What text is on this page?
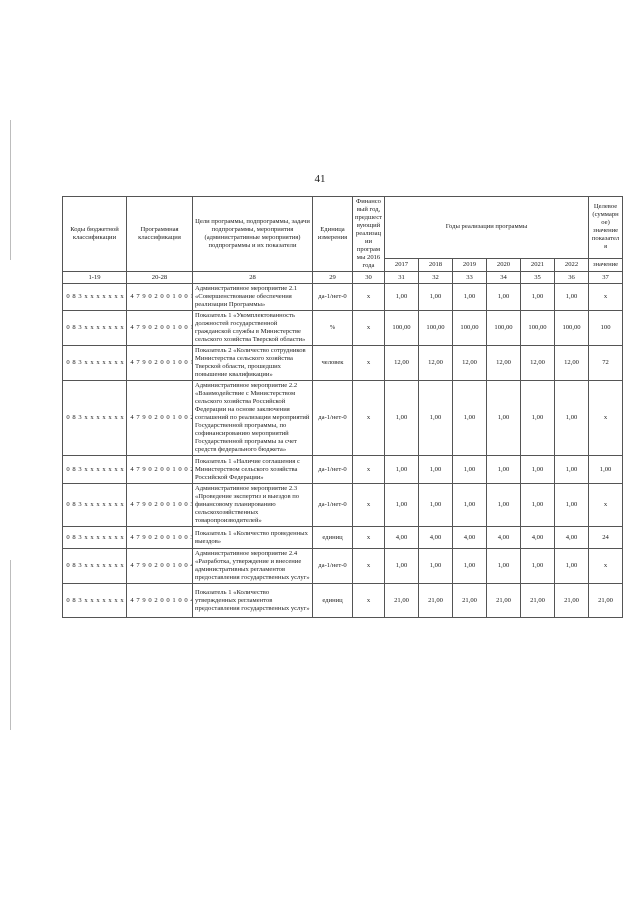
41
Коды бюджетной классификации	Программная классификация	Цели программы, подпрограммы, задачи подпрограммы, мероприятия (административные мероприятия) подпрограммы и их показатели	Единица измерения	Финансовый год, предшествующий реализации программы 2016 года	Годы реализации программы						Целевое (суммарное) значение показателя
					2017	2018	2019	2020	2021	2022	значение
1-19	20-28	28	29	30	31	32	33	34	35	36	37
0 8 3 x x x x x x x	4 7 9 0 2 0 0 1 0 0	Административное мероприятие 2.1 «Совершенствование обеспечения реализации Программы»	да-1/нет-0	x	1,00	1,00	1,00	1,00	1,00	1,00	x
0 8 3 x x x x x x x	4 7 9 0 2 0 0 1 0 0	Показатель 1 «Укомплектованность должностей государственной гражданской службы в Министерстве сельского хозяйства Тверской области»	%	x	100,00	100,00	100,00	100,00	100,00	100,00	100
0 8 3 x x x x x x x	4 7 9 0 2 0 0 1 0 0	Показатель 2 «Количество сотрудников Министерства сельского хозяйства Тверской области, прошедших повышение квалификации»	человек	x	12,00	12,00	12,00	12,00	12,00	12,00	72
0 8 3 x x x x x x x	4 7 9 0 2 0 0 1 0 0	Административное мероприятие 2.2 «Взаимодействие с Министерством сельского хозяйства Российской Федерации на основе заключения соглашений по реализации мероприятий Государственной программы, по софинансированию мероприятий Государственной программы за счет средств федерального бюджета»	да-1/нет-0	x	1,00	1,00	1,00	1,00	1,00	1,00	x
0 8 3 x x x x x x x	4 7 9 0 2 0 0 1 0 0	Показатель 1 «Наличие соглашения с Министерством сельского хозяйства Российской Федерации»	да-1/нет-0	x	1,00	1,00	1,00	1,00	1,00	1,00	1,00
0 8 3 x x x x x x x	4 7 9 0 2 0 0 1 0 0	Административное мероприятие 2.3 «Проведение экспертиз и выездов по финансовому планированию сельскохозяйственных товаропроизводителей»	да-1/нет-0	x	1,00	1,00	1,00	1,00	1,00	1,00	x
0 8 3 x x x x x x x	4 7 9 0 2 0 0 1 0 0	Показатель 1 «Количество проведенных выездов»	единиц	x	4,00	4,00	4,00	4,00	4,00	4,00	24
0 8 3 x x x x x x x	4 7 9 0 2 0 0 1 0 0	Административное мероприятие 2.4 «Разработка, утверждение и внесение административных регламентов предоставления государственных услуг»	да-1/нет-0	x	1,00	1,00	1,00	1,00	1,00	1,00	x
0 8 3 x x x x x x x	4 7 9 0 2 0 0 1 0 0	Показатель 1 «Количество утвержденных регламентов предоставления государственных услуг»	единиц	x	21,00	21,00	21,00	21,00	21,00	21,00	21,00
